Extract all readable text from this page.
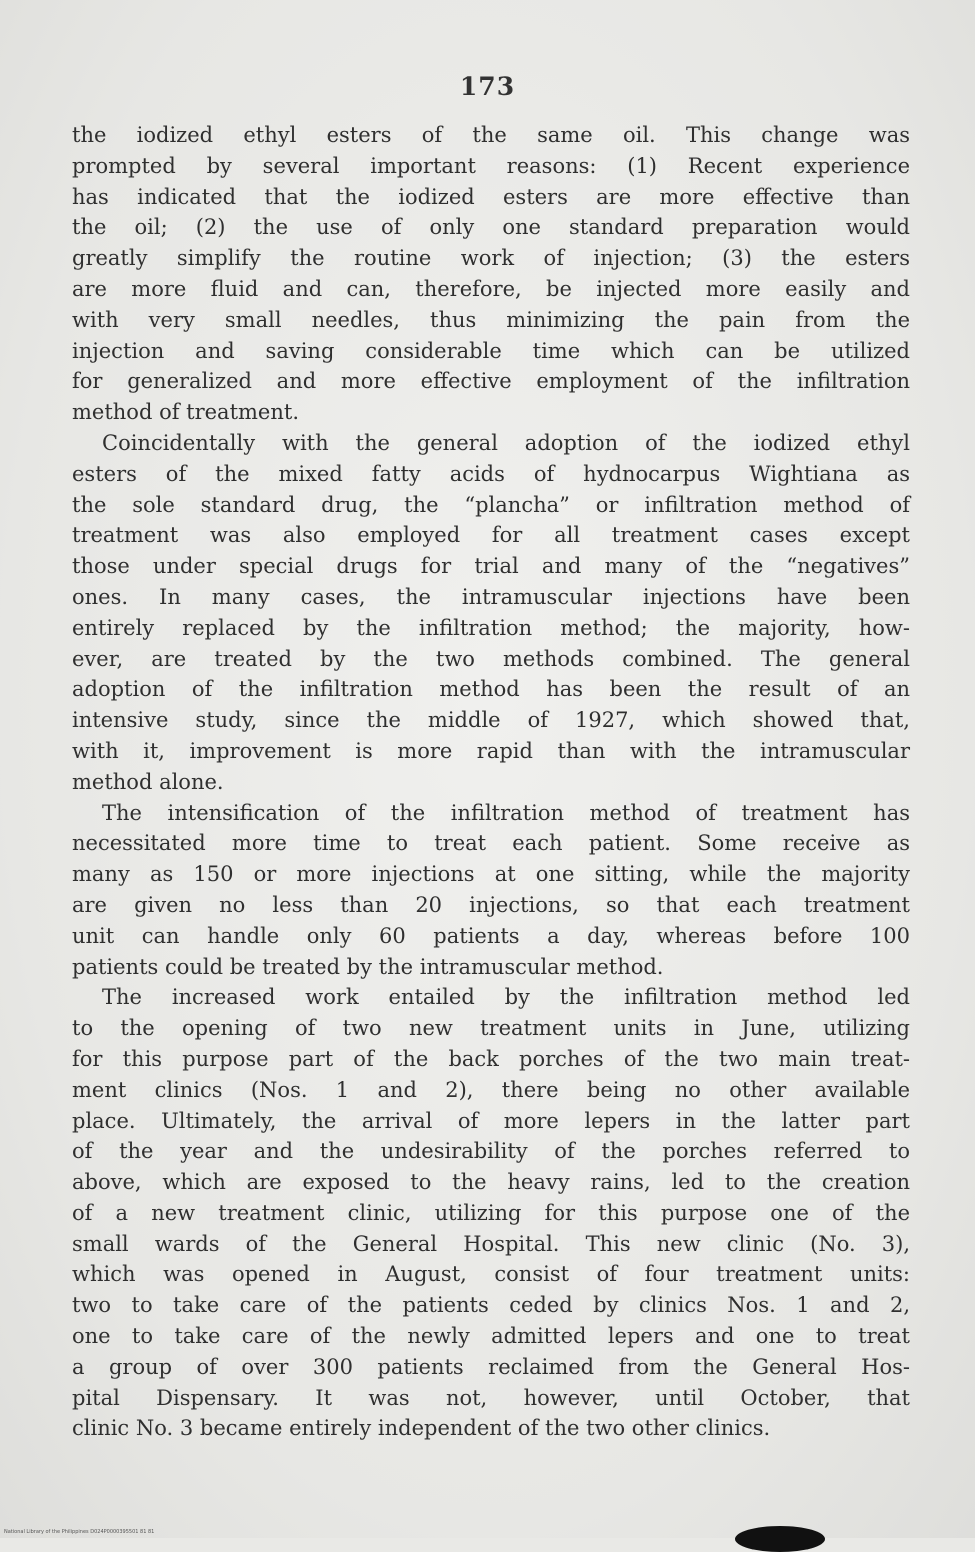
173
the iodized ethyl esters of the same oil. This change was
prompted by several important reasons: (1) Recent experience
has indicated that the iodized esters are more effective than
the oil; (2) the use of only one standard preparation would
greatly simplify the routine work of injection; (3) the esters
are more fluid and can, therefore, be injected more easily and
with very small needles, thus minimizing the pain from the
injection and saving considerable time which can be utilized
for generalized and more effective employment of the infiltration
method of treatment.
Coincidentally with the general adoption of the iodized ethyl
esters of the mixed fatty acids of hydnocarpus Wightiana as
the sole standard drug, the “plancha” or infiltration method of
treatment was also employed for all treatment cases except
those under special drugs for trial and many of the “negatives”
ones. In many cases, the intramuscular injections have been
entirely replaced by the infiltration method; the majority, how-
ever, are treated by the two methods combined. The general
adoption of the infiltration method has been the result of an
intensive study, since the middle of 1927, which showed that,
with it, improvement is more rapid than with the intramuscular
method alone.
The intensification of the infiltration method of treatment has
necessitated more time to treat each patient. Some receive as
many as 150 or more injections at one sitting, while the majority
are given no less than 20 injections, so that each treatment
unit can handle only 60 patients a day, whereas before 100
patients could be treated by the intramuscular method.
The increased work entailed by the infiltration method led
to the opening of two new treatment units in June, utilizing
for this purpose part of the back porches of the two main treat-
ment clinics (Nos. 1 and 2), there being no other available
place. Ultimately, the arrival of more lepers in the latter part
of the year and the undesirability of the porches referred to
above, which are exposed to the heavy rains, led to the creation
of a new treatment clinic, utilizing for this purpose one of the
small wards of the General Hospital. This new clinic (No. 3),
which was opened in August, consist of four treatment units:
two to take care of the patients ceded by clinics Nos. 1 and 2,
one to take care of the newly admitted lepers and one to treat
a group of over 300 patients reclaimed from the General Hos-
pital Dispensary. It was not, however, until October, that
clinic No. 3 became entirely independent of the two other clinics.
National Library of the Philippines D024P0000395501 81 81
